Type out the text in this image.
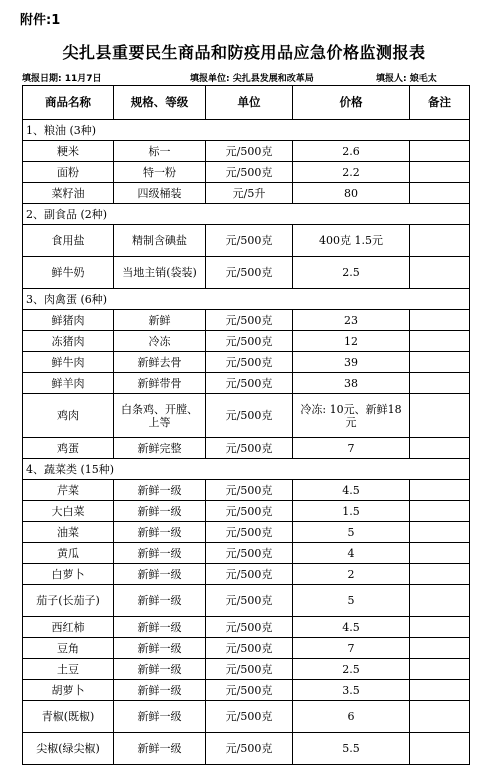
附件:1
尖扎县重要民生商品和防疫用品应急价格监测报表
填报日期: 11月7日	填报单位: 尖扎县发展和改革局	填报人: 娘毛太
商品名称	规格、等级	单位	价格	备注
1、粮油 (3种)				
粳米	标一	元/500克	2.6	
面粉	特一粉	元/500克	2.2	
菜籽油	四级桶装	元/5升	80	
2、副食品 (2种)				
食用盐	精制含碘盐	元/500克	400克 1.5元	
鲜牛奶	当地主销(袋装)	元/500克	2.5	
3、肉禽蛋 (6种)				
鲜猪肉	新鲜	元/500克	23	
冻猪肉	冷冻	元/500克	12	
鲜牛肉	新鲜去骨	元/500克	39	
鲜羊肉	新鲜带骨	元/500克	38	
鸡肉	白条鸡、开膛、上等	元/500克	冷冻: 10元、新鲜18元	
鸡蛋	新鲜完整	元/500克	7	
4、蔬菜类 (15种)				
芹菜	新鲜一级	元/500克	4.5	
大白菜	新鲜一级	元/500克	1.5	
油菜	新鲜一级	元/500克	5	
黄瓜	新鲜一级	元/500克	4	
白萝卜	新鲜一级	元/500克	2	
茄子(长茄子)	新鲜一级	元/500克	5	
西红柿	新鲜一级	元/500克	4.5	
豆角	新鲜一级	元/500克	7	
土豆	新鲜一级	元/500克	2.5	
胡萝卜	新鲜一级	元/500克	3.5	
青椒(既椒)	新鲜一级	元/500克	6	
尖椒(绿尖椒)	新鲜一级	元/500克	5.5	
